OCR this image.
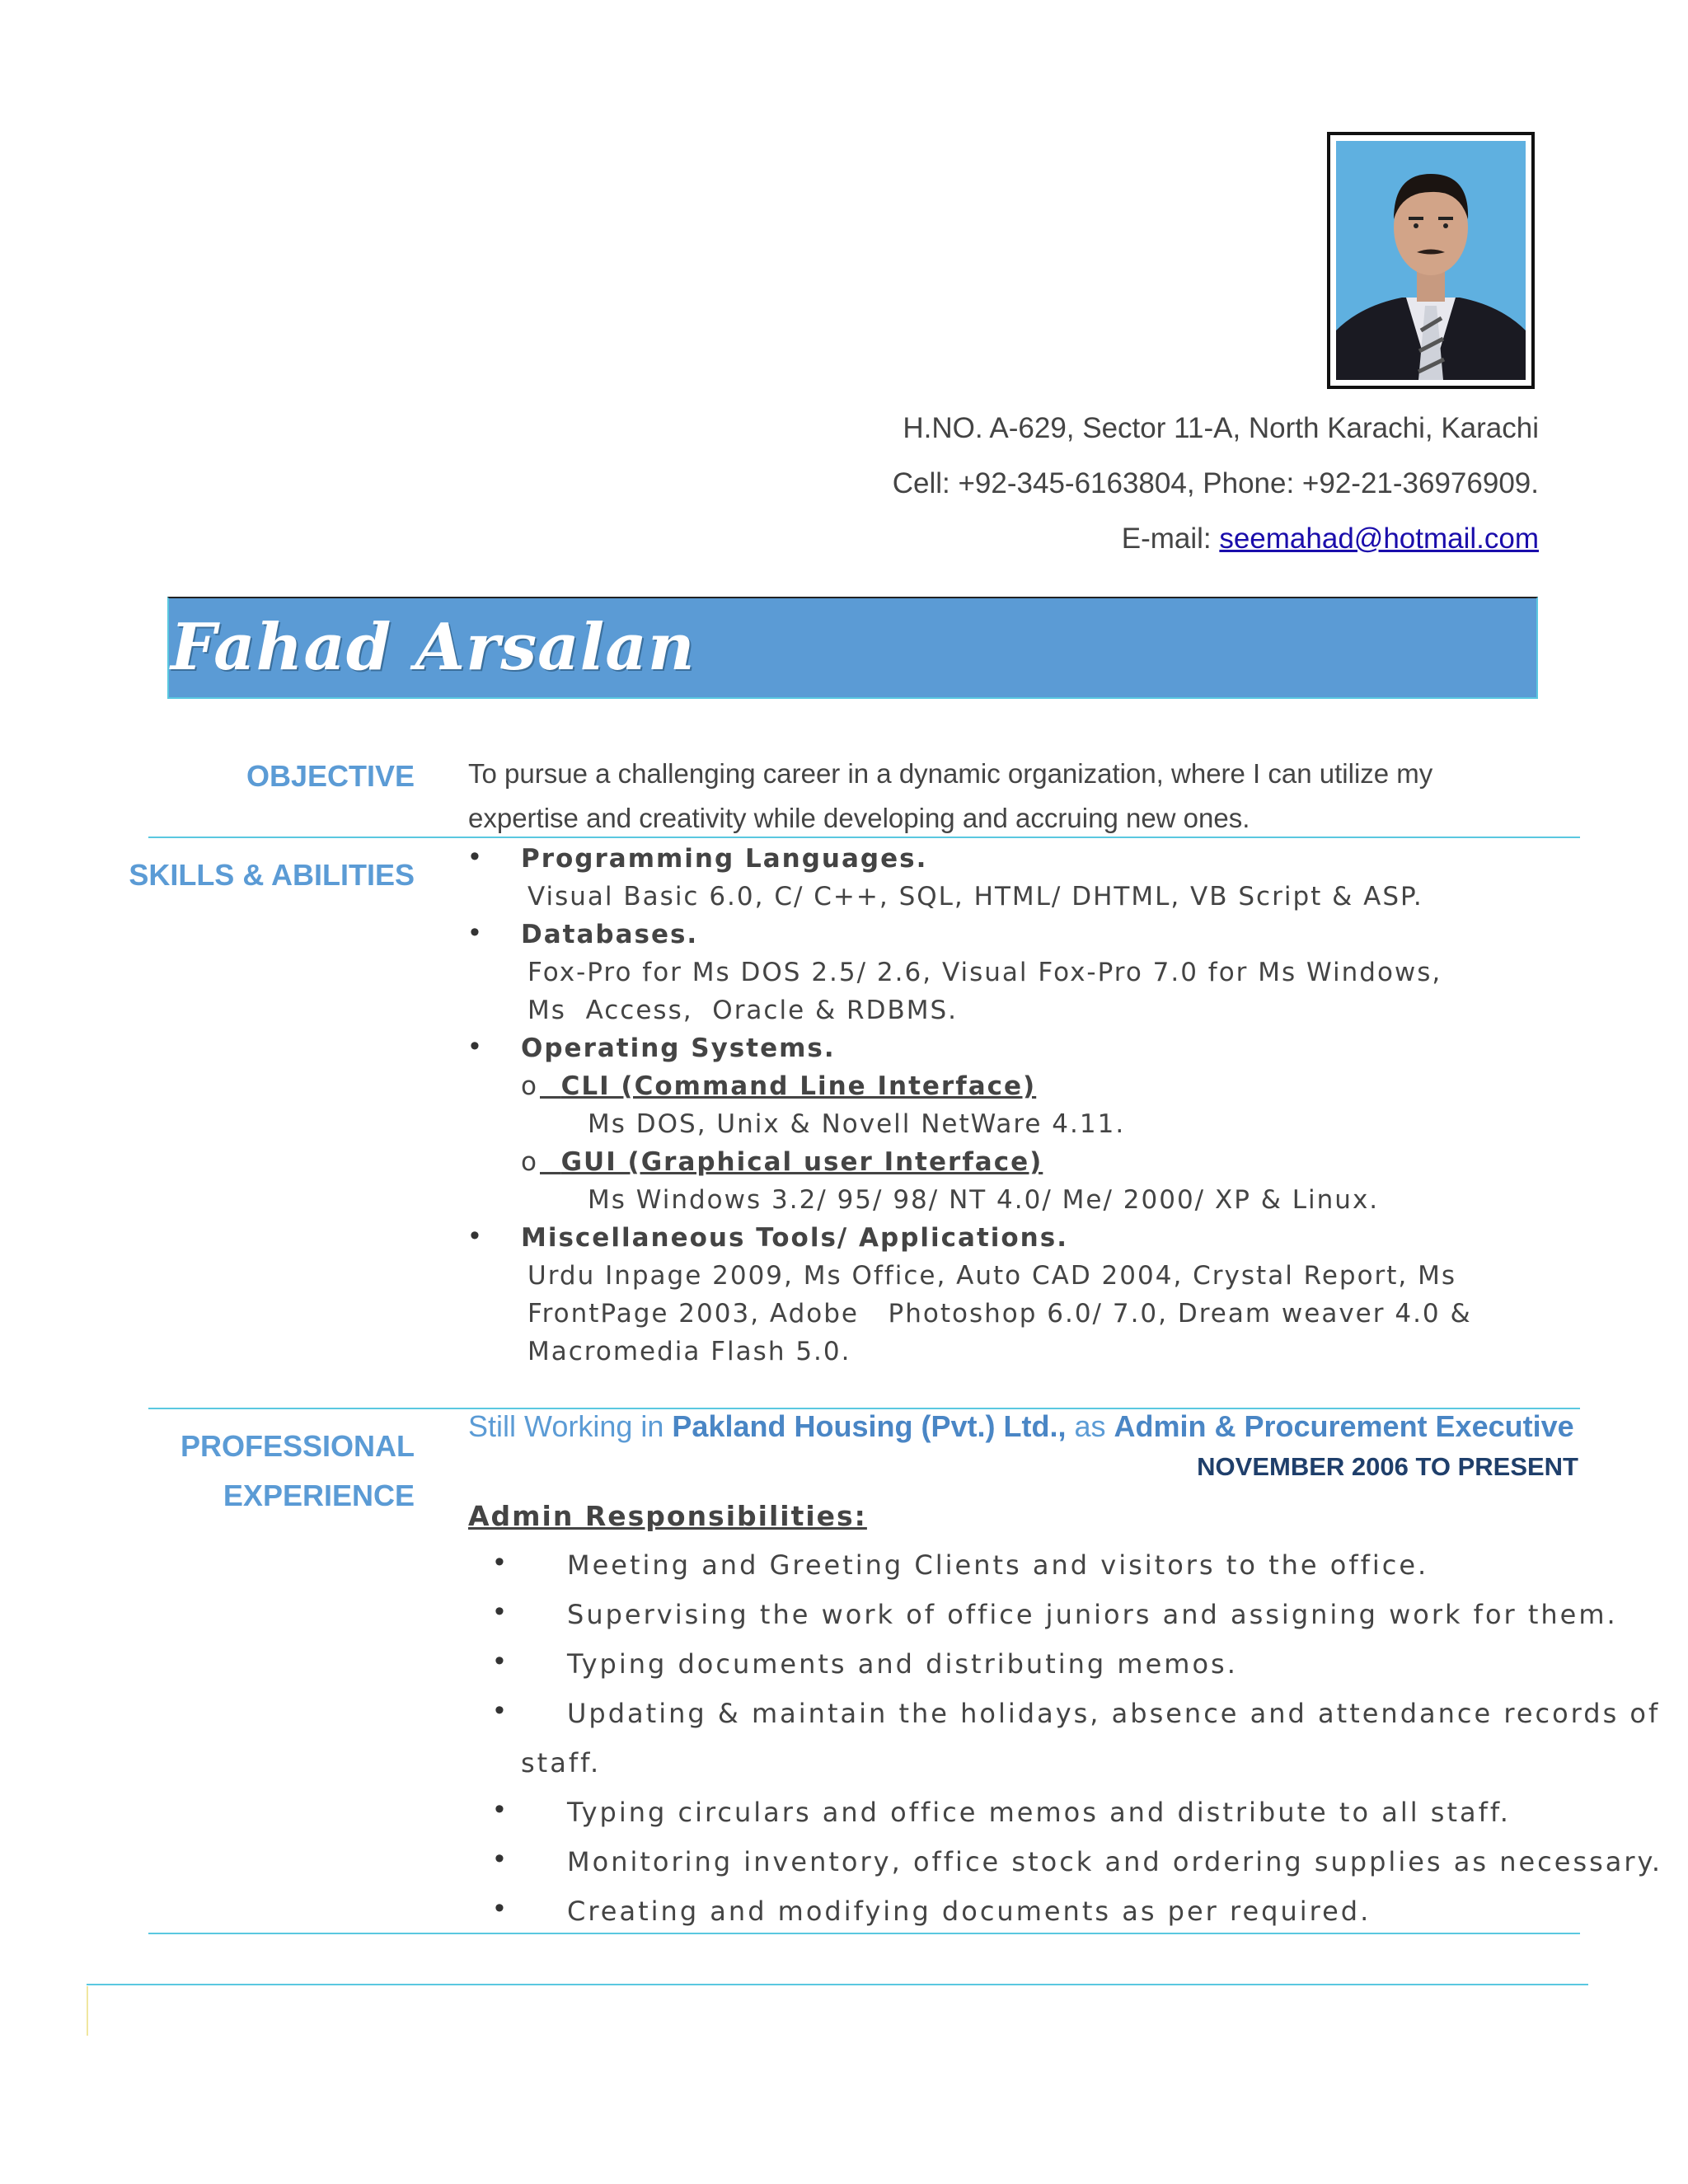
H.NO. A-629, Sector 11-A, North Karachi, Karachi
Cell: +92-345-6163804, Phone: +92-21-36976909.
E-mail: seemahad@hotmail.com
Fahad Arsalan
OBJECTIVE To pursue a challenging career in a dynamic organization, where I can utilize my
expertise and creativity while developing and accruing new ones.
SKILLS & ABILITIES
• Programming Languages.
Visual Basic 6.0, C/ C++, SQL, HTML/ DHTML, VB Script & ASP.
• Databases.
Fox-Pro for Ms DOS 2.5/ 2.6, Visual Fox-Pro 7.0 for Ms Windows,
Ms  Access,  Oracle & RDBMS.
• Operating Systems.
o CLI (Command Line Interface)
Ms DOS, Unix & Novell NetWare 4.11.
o GUI (Graphical user Interface)
Ms Windows 3.2/ 95/ 98/ NT 4.0/ Me/ 2000/ XP & Linux.
• Miscellaneous Tools/ Applications.
Urdu Inpage 2009, Ms Office, Auto CAD 2004, Crystal Report, Ms
FrontPage 2003, Adobe   Photoshop 6.0/ 7.0, Dream weaver 4.0 &
Macromedia Flash 5.0.
PROFESSIONAL
EXPERIENCE
Still Working in Pakland Housing (Pvt.) Ltd., as Admin & Procurement Executive
NOVEMBER 2006 TO PRESENT
Admin Responsibilities:
• Meeting and Greeting Clients and visitors to the office.
• Supervising the work of office juniors and assigning work for them.
• Typing documents and distributing memos.
• Updating & maintain the holidays, absence and attendance records of
staff.
• Typing circulars and office memos and distribute to all staff.
• Monitoring inventory, office stock and ordering supplies as necessary.
• Creating and modifying documents as per required.
